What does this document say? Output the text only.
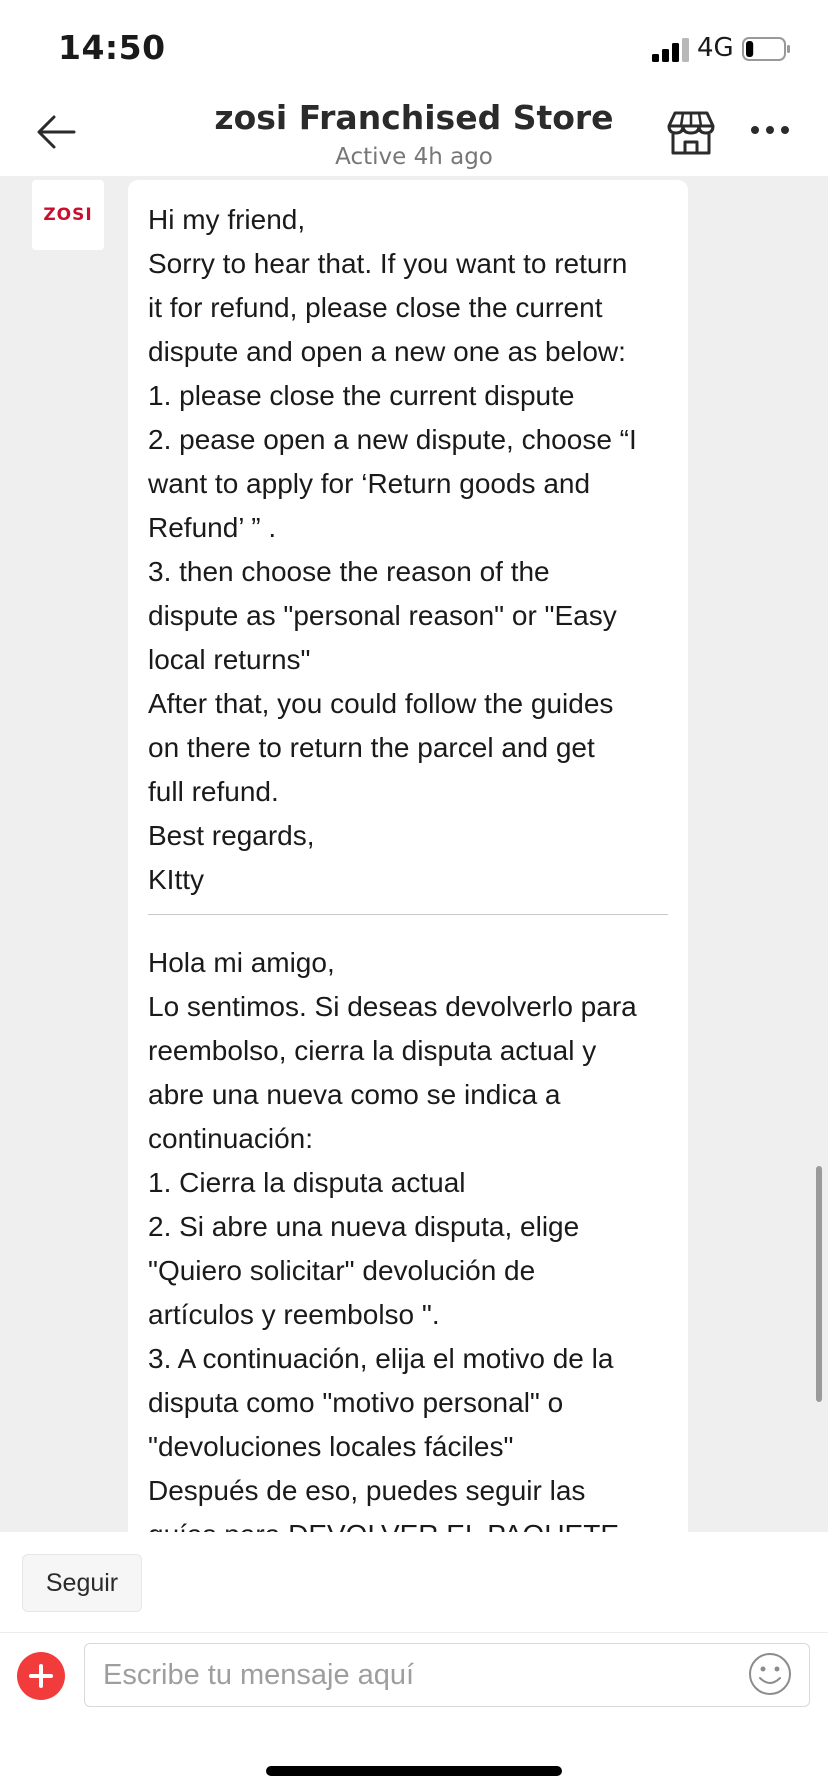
14:50	4G
zosi Franchised Store
Active 4h ago
ZOSI Hi my friend,
Sorry to hear that. If you want to return
it for refund, please close the current
dispute and open a new one as below:
1. please close the current dispute
2. pease open a new dispute, choose “I
want to apply for ‘Return goods and
Refund’ ” .
3. then choose the reason of the
dispute as "personal reason" or "Easy
local returns"
After that, you could follow the guides
on there to return the parcel and get
full refund.
Best regards,
KItty
Hola mi amigo,
Lo sentimos. Si deseas devolverlo para
reembolso, cierra la disputa actual y
abre una nueva como se indica a
continuación:
1. Cierra la disputa actual
2. Si abre una nueva disputa, elige
"Quiero solicitar" devolución de
artículos y reembolso ".
3. A continuación, elija el motivo de la
disputa como "motivo personal" o
"devoluciones locales fáciles"
Después de eso, puedes seguir las
Seguir
Escribe tu mensaje aquí
